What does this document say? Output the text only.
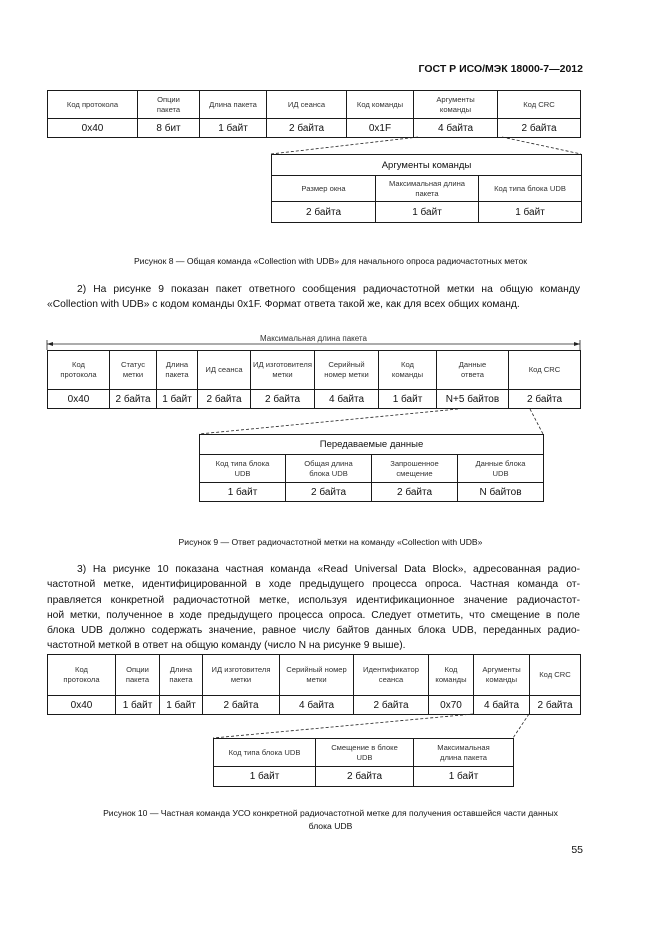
ГОСТ Р ИСО/МЭК 18000-7—2012
Код протокола	Опции пакета	Длина пакета	ИД сеанса	Код команды	Аргументы команды	Код CRC
0x40	8 бит	1 байт	2 байта	0x1F	4 байта	2 байта
Аргументы команды		
Размер окна	Максимальная длина пакета	Код типа блока UDB
2 байта	1 байт	1 байт
Рисунок 8 — Общая команда «Collection with UDB» для начального опроса радиочастотных меток
2) На рисунке 9 показан пакет ответного сообщения радиочастотной метки на общую команду
«Collection with UDB» с кодом команды 0x1F. Формат ответа такой же, как для всех общих команд.
Максимальная длина пакета
Код протокола	Статус метки	Длина пакета	ИД сеанса	ИД изготовителя метки	Серийный номер метки	Код команды	Данные ответа	Код CRC
0x40	2 байта	1 байт	2 байта	2 байта	4 байта	1 байт	N+5 байтов	2 байта
Передаваемые данные			
Код типа блока UDB	Общая длина блока UDB	Запрошенное смещение	Данные блока UDB
1 байт	2 байта	2 байта	N байтов
Рисунок 9 — Ответ радиочастотной метки на команду «Collection with UDB»
3) На рисунке 10 показана частная команда «Read Universal Data Block», адресованная радио-
частотной метке, идентифицированной в ходе предыдущего процесса опроса. Частная команда от-
правляется конкретной радиочастотной метке, используя идентификационное значение радиочастот-
ной метки, полученное в ходе предыдущего процесса опроса. Следует отметить, что смещение в поле
блока UDB должно содержать значение, равное числу байтов данных блока UDB, переданных радио-
частотной меткой в ответ на общую команду (число N на рисунке 9 выше).
Код протокола	Опции пакета	Длина пакета	ИД изготовителя метки	Серийный номер метки	Идентификатор сеанса	Код команды	Аргументы команды	Код CRC
0x40	1 байт	1 байт	2 байта	4 байта	2 байта	0x70	4 байта	2 байта
Код типа блока UDB	Смещение в блоке UDB	Максимальная длина пакета
1 байт	2 байта	1 байт
Рисунок 10 — Частная команда УСО конкретной радиочастотной метке для получения оставшейся части данных
блока UDB
55
